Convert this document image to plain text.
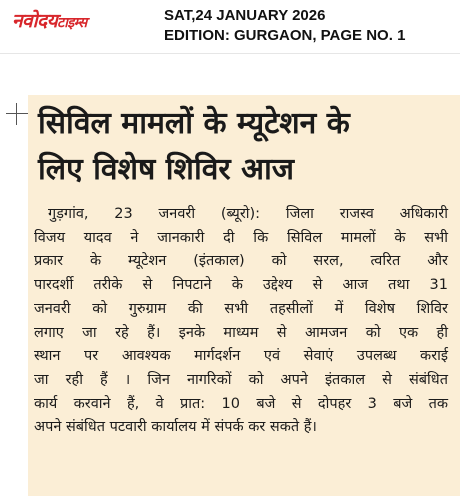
नवोदयटाइम्स	SAT,24 JANUARY 2026
EDITION: GURGAON, PAGE NO. 1
सिविल मामलों के म्यूटेशन के
लिए विशेष शिविर आज
गुड़गांव, 23 जनवरी (ब्यूरो): जिला राजस्व अधिकारी
विजय यादव ने जानकारी दी कि सिविल मामलों के सभी
प्रकार के म्यूटेशन (इंतकाल) को सरल, त्वरित और
पारदर्शी तरीके से निपटाने के उद्देश्य से आज तथा 31
जनवरी को गुरुग्राम की सभी तहसीलों में विशेष शिविर
लगाए जा रहे हैं। इनके माध्यम से आमजन को एक ही
स्थान पर आवश्यक मार्गदर्शन एवं सेवाएं उपलब्ध कराई
जा रही हैं । जिन नागरिकों को अपने इंतकाल से संबंधित
कार्य करवाने हैं, वे प्रात: 10 बजे से दोपहर 3 बजे तक
अपने संबंधित पटवारी कार्यालय में संपर्क कर सकते हैं।
